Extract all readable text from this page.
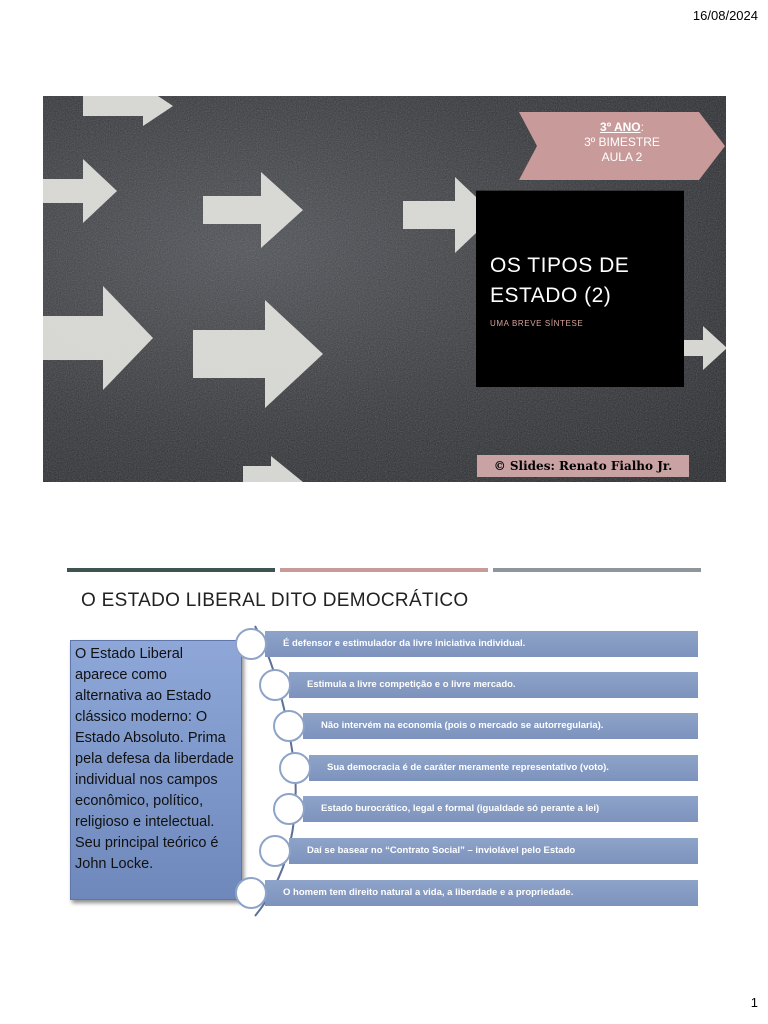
16/08/2024
3º ANO:
3º BIMESTRE
AULA 2
OS TIPOS DE
ESTADO (2)
UMA BREVE SÍNTESE
© Slides: Renato Fialho Jr.
O ESTADO LIBERAL DITO DEMOCRÁTICO
O Estado Liberal aparece como alternativa ao Estado clássico moderno: O Estado Absoluto. Prima pela defesa da liberdade individual nos campos econômico, político, religioso e intelectual. Seu principal teórico é John Locke.
É defensor e estimulador da livre iniciativa individual.
Estimula a livre competição e o livre mercado.
Não intervém na economia (pois o mercado se autorregularia).
Sua democracia é de caráter meramente representativo (voto).
Estado burocrático, legal e formal (igualdade só perante a lei)
Daí se basear no “Contrato Social” – inviolável pelo Estado
O homem tem direito natural a vida, a liberdade e a propriedade.
1
